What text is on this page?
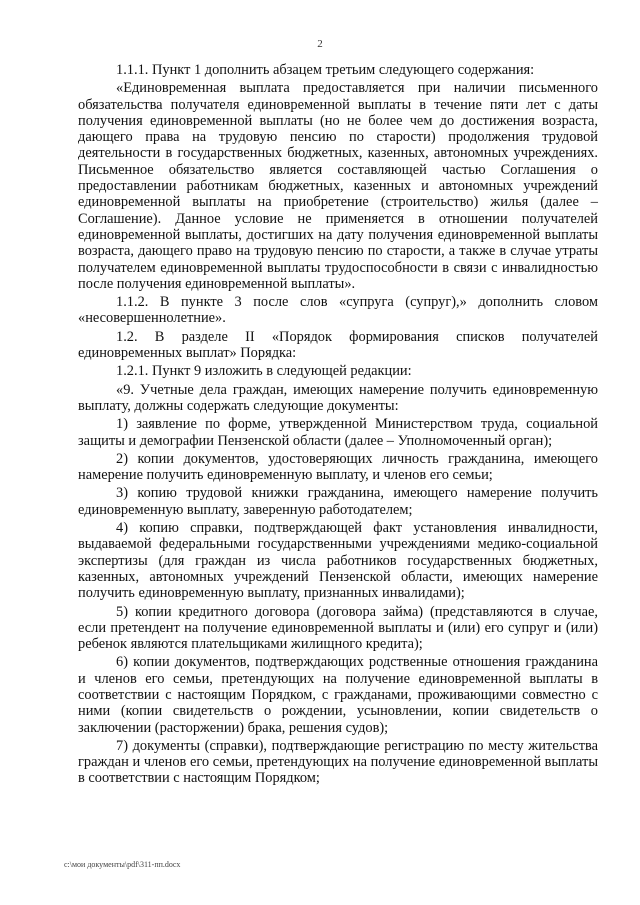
2

1.1.1. Пункт 1 дополнить абзацем третьим следующего содержания:

«Единовременная выплата предоставляется при наличии письменного обязательства получателя единовременной выплаты в течение пяти лет с даты получения единовременной выплаты (но не более чем до достижения возраста, дающего права на трудовую пенсию по старости) продолжения трудовой деятельности в государственных бюджетных, казенных, автономных учреждениях. Письменное обязательство является составляющей частью Соглашения о предоставлении работникам бюджетных, казенных и автономных учреждений единовременной выплаты на приобретение (строительство) жилья (далее – Соглашение). Данное условие не применяется в отношении получателей единовременной выплаты, достигших на дату получения единовременной выплаты возраста, дающего право на трудовую пенсию по старости, а также в случае утраты получателем единовременной выплаты трудоспособности в связи с инвалидностью после получения единовременной выплаты».

1.1.2. В пункте 3 после слов «супруга (супруг),» дополнить словом «несовершеннолетние».

1.2. В разделе II «Порядок формирования списков получателей единовременных выплат» Порядка:

1.2.1. Пункт 9 изложить в следующей редакции:

«9. Учетные дела граждан, имеющих намерение получить единовременную выплату, должны содержать следующие документы:

1) заявление по форме, утвержденной Министерством труда, социальной защиты и демографии Пензенской области (далее – Уполномоченный орган);

2) копии документов, удостоверяющих личность гражданина, имеющего намерение получить единовременную выплату, и членов его семьи;

3) копию трудовой книжки гражданина, имеющего намерение получить единовременную выплату, заверенную работодателем;

4) копию справки, подтверждающей факт установления инвалидности, выдаваемой федеральными государственными учреждениями медико-социальной экспертизы (для граждан из числа работников государственных бюджетных, казенных, автономных учреждений Пензенской области, имеющих намерение получить единовременную выплату, признанных инвалидами);

5) копии кредитного договора (договора займа) (представляются в случае, если претендент на получение единовременной выплаты и (или) его супруг и (или) ребенок являются плательщиками жилищного кредита);

6) копии документов, подтверждающих родственные отношения гражданина и членов его семьи, претендующих на получение единовременной выплаты в соответствии с настоящим Порядком, с гражданами, проживающими совместно с ними (копии свидетельств о рождении, усыновлении, копии свидетельств о заключении (расторжении) брака, решения судов);

7) документы (справки), подтверждающие регистрацию по месту жительства граждан и членов его семьи, претендующих на получение единовременной выплаты в соответствии с настоящим Порядком;

c:\мои документы\pdf\311-пп.docx
